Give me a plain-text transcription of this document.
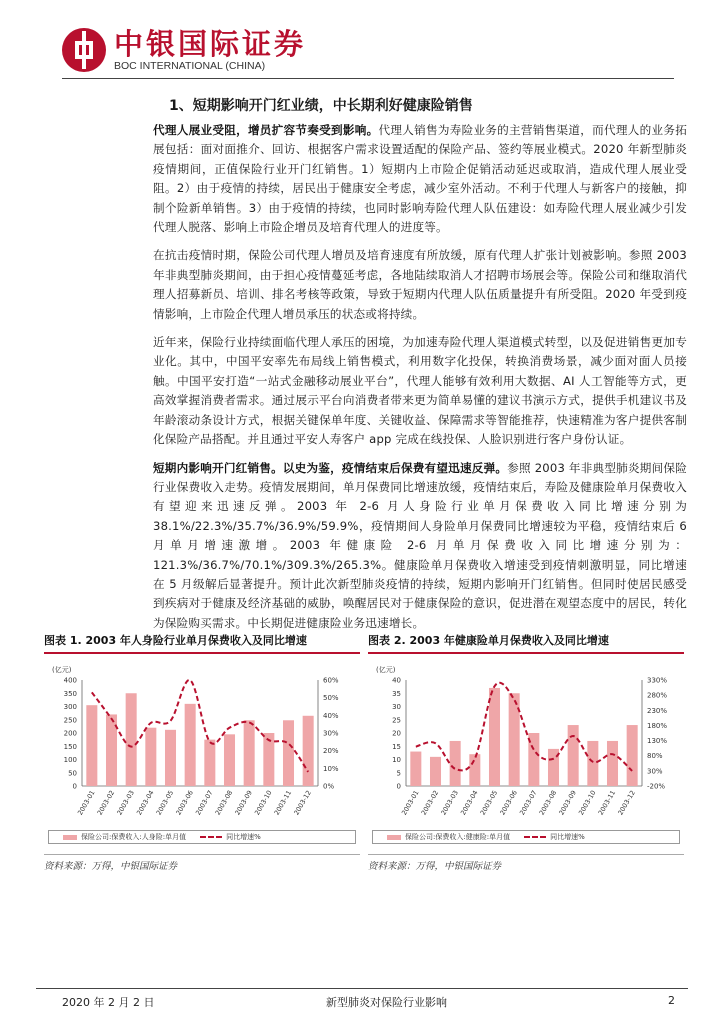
中银国际证券
BOC INTERNATIONAL (CHINA)
1、短期影响开门红业绩，中长期利好健康险销售

代理人展业受阻，增员扩容节奏受到影响。代理人销售为寿险业务的主营销售渠道，而代理人的业务拓展包括：面对面推介、回访、根据客户需求设置适配的保险产品、签约等展业模式。2020 年新型肺炎疫情期间，正值保险行业开门红销售。1）短期内上市险企促销活动延迟或取消，造成代理人展业受阻。2）由于疫情的持续，居民出于健康安全考虑，减少室外活动。不利于代理人与新客户的接触，抑制个险新单销售。3）由于疫情的持续，也同时影响寿险代理人队伍建设：如寿险代理人展业减少引发代理人脱落、影响上市险企增员及培育代理人的进度等。

在抗击疫情时期，保险公司代理人增员及培育速度有所放缓，原有代理人扩张计划被影响。参照 2003 年非典型肺炎期间，由于担心疫情蔓延考虑，各地陆续取消人才招聘市场展会等。保险公司和继取消代理人招募新员、培训、排名考核等政策，导致于短期内代理人队伍质量提升有所受阻。2020 年受到疫情影响，上市险企代理人增员承压的状态或将持续。

近年来，保险行业持续面临代理人承压的困境，为加速寿险代理人渠道模式转型，以及促进销售更加专业化。其中，中国平安率先布局线上销售模式，利用数字化投保，转换消费场景，减少面对面人员接触。中国平安打造“一站式金融移动展业平台”，代理人能够有效利用大数据、AI 人工智能等方式，更高效掌握消费者需求。通过展示平台向消费者带来更为简单易懂的建议书演示方式，提供手机建议书及年龄滚动条设计方式，根据关键保单年度、关键收益、保障需求等智能推荐，快速精准为客户提供客制化保险产品搭配。并且通过平安人寿客户 app 完成在线投保、人脸识别进行客户身份认证。

短期内影响开门红销售。以史为鉴，疫情结束后保费有望迅速反弹。参照 2003 年非典型肺炎期间保险行业保费收入走势。疫情发展期间，单月保费同比增速放缓，疫情结束后，寿险及健康险单月保费收入有望迎来迅速反弹。2003 年 2-6 月人身险行业单月保费收入同比增速分别为 38.1%/22.3%/35.7%/36.9%/59.9%，疫情期间人身险单月保费同比增速较为平稳，疫情结束后 6 月单月增速激增。2003 年健康险 2-6 月单月保费收入同比增速分别为：121.3%/36.7%/70.1%/309.3%/265.3%。健康险单月保费收入增速受到疫情刺激明显，同比增速在 5 月级解后显著提升。预计此次新型肺炎疫情的持续，短期内影响开门红销售。但同时使居民感受到疾病对于健康及经济基础的威胁，唤醒居民对于健康保险的意识，促进潜在观望态度中的居民，转化为保险购买需求。中长期促进健康险业务迅速增长。

图表 1. 2003 年人身险行业单月保费收入及同比增速
(亿元)
0
50
100
150
200
250
300
350
400
0%
10%
20%
30%
40%
50%
60%
2003-01 2003-02 2003-03 2003-04 2003-05 2003-06 2003-07 2003-08 2003-09 2003-10 2003-11 2003-12
保险公司:保费收入:人身险:单月值	同比增速%
资料来源：万得，中银国际证券
图表 2. 2003 年健康险单月保费收入及同比增速
(亿元)
0
5
10
15
20
25
30
35
40
-20%
30%
80%
130%
180%
230%
280%
330%
2003-01 2003-02 2003-03 2003-04 2003-05 2003-06 2003-07 2003-08 2003-09 2003-10 2003-11 2003-12
保险公司:保费收入:健康险:单月值	同比增速%
资料来源：万得，中银国际证券
2020 年 2 月 2 日	新型肺炎对保险行业影响	2
